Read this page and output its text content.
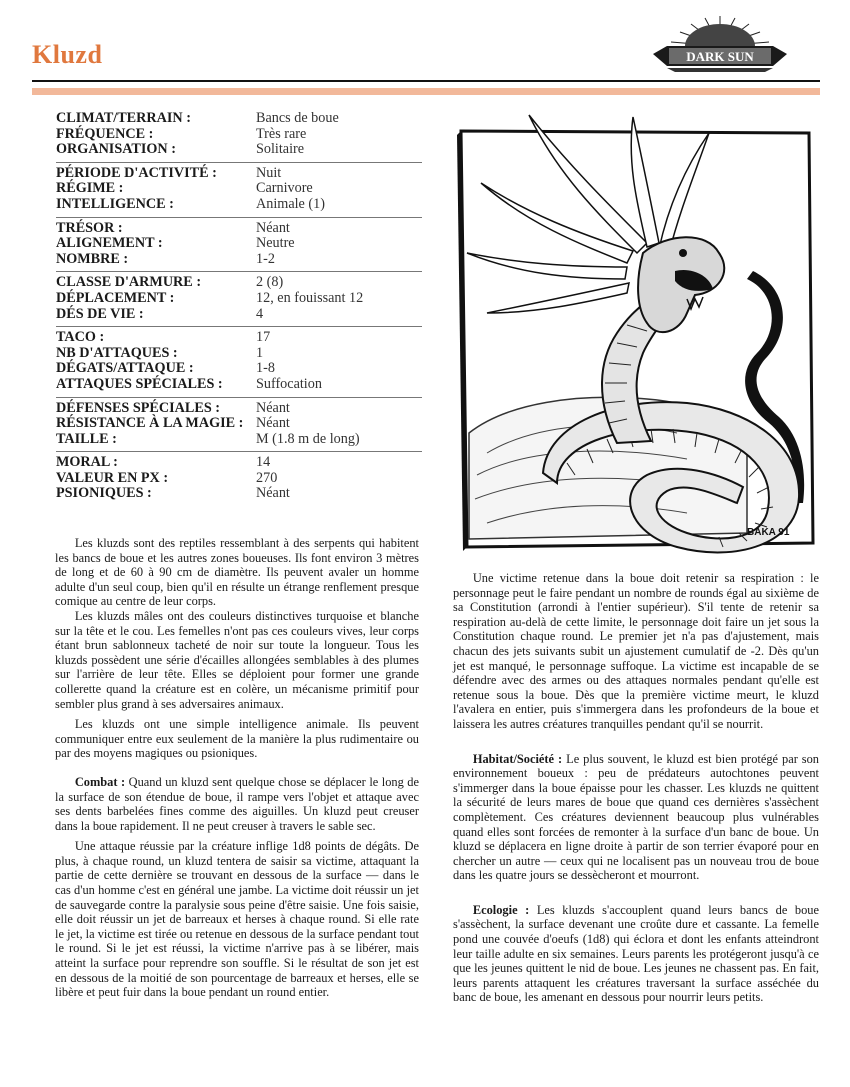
Kluzd	DARK SUN
CLIMAT/TERRAIN :	Bancs de boue
FRÉQUENCE :	Très rare
ORGANISATION :	Solitaire
PÉRIODE D'ACTIVITÉ :	Nuit
RÉGIME :	Carnivore
INTELLIGENCE :	Animale (1)
TRÉSOR :	Néant
ALIGNEMENT :	Neutre
NOMBRE :	1-2
CLASSE D'ARMURE :	2 (8)
DÉPLACEMENT :	12, en fouissant 12
DÉS DE VIE :	4
TACO :	17
NB D'ATTAQUES :	1
DÉGATS/ATTAQUE :	1-8
ATTAQUES SPÉCIALES :	Suffocation
DÉFENSES SPÉCIALES :	Néant
RÉSISTANCE À LA MAGIE : Néant
TAILLE :	M (1.8 m de long)
MORAL :	14
VALEUR EN PX :	270
PSIONIQUES :	Néant
BAKA 91

Les kluzds sont des reptiles ressemblant à des serpents qui habitent les bancs de boue et les autres zones boueuses. Ils font environ 3 mètres de long et de 60 à 90 cm de diamètre. Ils peuvent avaler un homme adulte d'un seul coup, bien qu'il en résulte un étrange renflement presque comique au centre de leur corps.

Les kluzds mâles ont des couleurs distinctives turquoise et blanche sur la tête et le cou. Les femelles n'ont pas ces couleurs vives, leur corps étant brun sablonneux tacheté de noir sur toute la longueur. Tous les kluzds possèdent une série d'écailles allongées semblables à des plumes sur l'arrière de leur tête. Elles se déploient pour former une grande collerette quand la créature est en colère, un mécanisme primitif pour sembler plus grand à ses adversaires animaux.

Les kluzds ont une simple intelligence animale. Ils peuvent communiquer entre eux seulement de la manière la plus rudimentaire ou par des moyens magiques ou psioniques.

Combat : Quand un kluzd sent quelque chose se déplacer le long de la surface de son étendue de boue, il rampe vers l'objet et attaque avec ses dents barbelées fines comme des aiguilles. Un kluzd peut creuser dans la boue rapidement. Il ne peut creuser à travers le sable sec.

Une attaque réussie par la créature inflige 1d8 points de dégâts. De plus, à chaque round, un kluzd tentera de saisir sa victime, attaquant la partie de cette dernière se trouvant en dessous de la surface — dans le cas d'un homme c'est en général une jambe. La victime doit réussir un jet de sauvegarde contre la paralysie sous peine d'être saisie. Une fois saisie, elle doit réussir un jet de barreaux et herses à chaque round. Si elle rate le jet, la victime est tirée ou retenue en dessous de la surface pendant tout le round. Si le jet est réussi, la victime n'arrive pas à se libérer, mais atteint la surface pour reprendre son souffle. Si le résultat de son jet est en dessous de la moitié de son pourcentage de barreaux et herses, elle se libère et peut fuir dans la boue pendant un round entier.

Une victime retenue dans la boue doit retenir sa respiration : le personnage peut le faire pendant un nombre de rounds égal au sixième de sa Constitution (arrondi à l'entier supérieur). S'il tente de retenir sa respiration au-delà de cette limite, le personnage doit faire un jet sous la Constitution chaque round. Le premier jet n'a pas d'ajustement, mais chacun des jets suivants subit un ajustement cumulatif de -2. Dès qu'un jet est manqué, le personnage suffoque. La victime est incapable de se défendre avec des armes ou des attaques normales pendant qu'elle est retenue sous la boue. Dès que la première victime meurt, le kluzd l'avalera en entier, puis s'immergera dans les profondeurs de la boue et laissera les autres créatures tranquilles pendant qu'il se nourrit.

Habitat/Société : Le plus souvent, le kluzd est bien protégé par son environnement boueux : peu de prédateurs autochtones peuvent s'immerger dans la boue épaisse pour les chasser. Les kluzds ne quittent la sécurité de leurs mares de boue que quand ces dernières s'assèchent complètement. Ces créatures deviennent beaucoup plus vulnérables quand elles sont forcées de remonter à la surface d'un banc de boue. Un kluzd se déplacera en ligne droite à partir de son terrier évaporé pour en chercher un autre — ceux qui ne localisent pas un nouveau trou de boue dans les quatre jours se dessècheront et mourront.

Ecologie : Les kluzds s'accouplent quand leurs bancs de boue s'assèchent, la surface devenant une croûte dure et cassante. La femelle pond une couvée d'oeufs (1d8) qui éclora et dont les enfants atteindront leur taille adulte en six semaines. Leurs parents les protégeront jusqu'à ce que les jeunes quittent le nid de boue. Les jeunes ne chassent pas. En fait, leurs parents attaquent les créatures traversant la surface asséchée du banc de boue, les amenant en dessous pour nourrir leurs petits.
